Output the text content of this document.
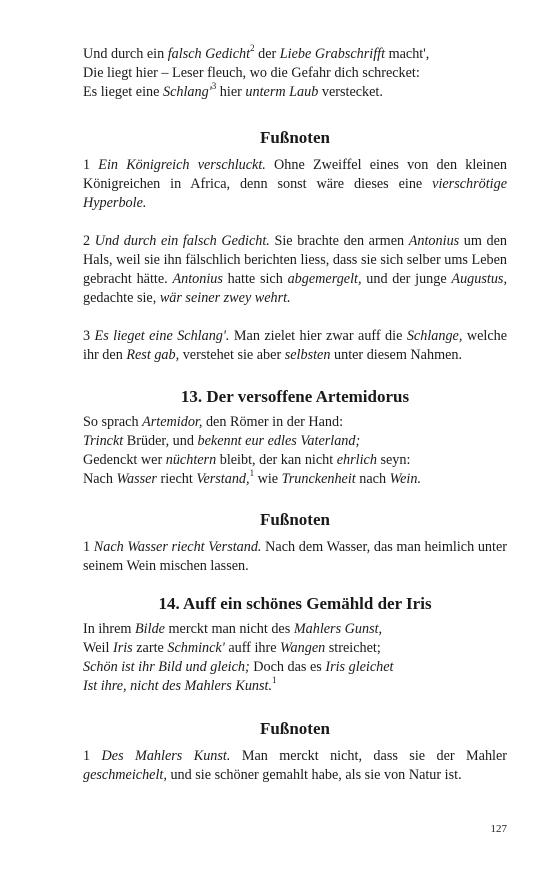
Und durch ein falsch Gedicht$^2$ der Liebe Grabschrifft macht',
Die liegt hier – Leser fleuch, wo die Gefahr dich schrecket:
Es lieget eine $Schlang'^3$ hier unterm Laub verstecket.
Fußnoten
1 Ein Königreich verschluckt. Ohne Zweiffel eines von den kleinen Königreichen in Africa, denn sonst wäre dieses eine vierschrötige Hyperbole.
2 Und durch ein falsch Gedicht. Sie brachte den armen Antonius um den Hals, weil sie ihn fälschlich berichten liess, dass sie sich selber ums Leben gebracht hätte. Antonius hatte sich abgemergelt, und der junge Augustus, gedachte sie, wär seiner zwey wehrt.
3 Es lieget eine Schlang'. Man zielet hier zwar auff die Schlange, welche ihr den Rest gab, verstehet sie aber selbsten unter diesem Nahmen.
13. Der versoffene Artemidorus
So sprach Artemidor, den Römer in der Hand:
Trinckt Brüder, und bekennt eur edles Vaterland;
Gedenckt wer nüchtern bleibt, der kan nicht ehrlich seyn:
Nach Wasser riecht Verstand,$^1$ wie Trunckenheit nach Wein.
Fußnoten
1 Nach Wasser riecht Verstand. Nach dem Wasser, das man heimlich unter seinem Wein mischen lassen.
14. Auff ein schönes Gemähld der Iris
In ihrem Bilde merckt man nicht des Mahlers Gunst,
Weil Iris zarte Schminck' auff ihre Wangen streichet;
Schön ist ihr Bild und gleich; Doch das es Iris gleichet
Ist ihre, nicht des Mahlers Kunst.$^1$
Fußnoten
1 Des Mahlers Kunst. Man merckt nicht, dass sie der Mahler geschmeichelt, und sie schöner gemahlt habe, als sie von Natur ist.
127
